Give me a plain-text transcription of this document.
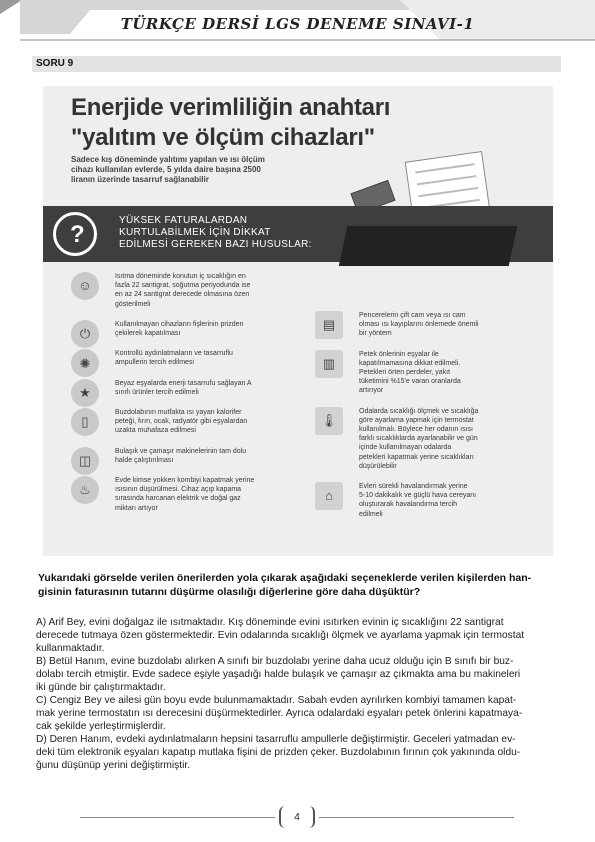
TÜRKÇE DERSİ LGS DENEME SINAVI-1
SORU 9
Enerjide verimliliğin anahtarı
"yalıtım ve ölçüm cihazları"
Sadece kış döneminde yalıtımı yapılan ve ısı ölçüm
cihazı kullanılan evlerde, 5 yılda daire başına 2500
liranın üzerinde tasarruf sağlanabilir
?
YÜKSEK FATURALARDAN
KURTULABİLMEK İÇİN DİKKAT
EDİLMESİ GEREKEN BAZI HUSUSLAR:
☺
Isıtma döneminde konutun iç sıcaklığın en
fazla 22 santigrat, soğutma periyodunda ise
en az 24 santigrat derecede olmasına özen
gösterilmeli
⏻
Kullanılmayan cihazların fişlerinin prizden
çekilerek kapatılması
✺
Kontrollü aydınlatmaların ve tasarruflu
ampullerin tercih edilmesi
★
Beyaz eşyalarda enerji tasarrufu sağlayan A
sınıfı ürünler tercih edilmeli
▯
Buzdolabının mutfakta ısı yayan kalorifer
peteği, fırın, ocak, radyatör gibi eşyalardan
uzakta muhafaza edilmesi
◫
Bulaşık ve çamaşır makinelerinin tam dolu
halde çalıştırılması
♨
Evde kimse yokken kombiyi kapatmak yerine
ısısının düşürülmesi. Cihaz açıp kapama
sırasında harcanan elektrik ve doğal gaz
miktarı artıyor
▤
Pencerelerin çift cam veya ısı cam
olması ısı kayıplarını önlemede önemli
bir yöntem
▥
Petek önlerinin eşyalar ile
kapatılmamasına dikkat edilmeli.
Petekleri örten perdeler, yakıt
tüketimini %15'e varan oranlarda
artırıyor
🌡
Odalarda sıcaklığı ölçmek ve sıcaklığa
göre ayarlama yapmak için termostat
kullanılmalı. Böylece her odanın ısısı
farklı sıcaklıklarda ayarlanabilir ve gün
içinde kullanılmayan odalarda
petekleri kapatmak yerine sıcaklıkları
düşürülebilir
⌂
Evleri sürekli havalandırmak yerine
5-10 dakikalık ve güçlü hava cereyanı
oluşturarak havalandırma tercih
edilmeli
Yukarıdaki görselde verilen önerilerden yola çıkarak aşağıdaki seçeneklerde verilen kişilerden han-
gisinin faturasının tutarını düşürme olasılığı diğerlerine göre daha düşüktür?
A) Arif Bey, evini doğalgaz ile ısıtmaktadır. Kış döneminde evini ısıtırken evinin iç sıcaklığını 22 santigrat
derecede tutmaya özen göstermektedir. Evin odalarında sıcaklığı ölçmek ve ayarlama yapmak için termostat
kullanmaktadır.
B) Betül Hanım, evine buzdolabı alırken A sınıfı bir buzdolabı yerine daha ucuz olduğu için B sınıfı bir buz-
dolabı tercih etmiştir. Evde sadece eşiyle yaşadığı halde bulaşık ve çamaşır az çıkmakta ama bu makineleri
iki günde bir çalıştırmaktadır.
C) Cengiz Bey ve ailesi gün boyu evde bulunmamaktadır. Sabah evden ayrılırken kombiyi tamamen kapat-
mak yerine termostatın ısı derecesini düşürmektedirler. Ayrıca odalardaki eşyaları petek önlerini kapatmaya-
cak şekilde yerleştirmişlerdir.
D) Deren Hanım, evdeki aydınlatmaların hepsini tasarruflu ampullerle değiştirmiştir. Geceleri yatmadan ev-
deki tüm elektronik eşyaları kapatıp mutlaka fişini de prizden çeker. Buzdolabının fırının çok yakınında oldu-
ğunu düşünüp yerini değiştirmiştir.
4
